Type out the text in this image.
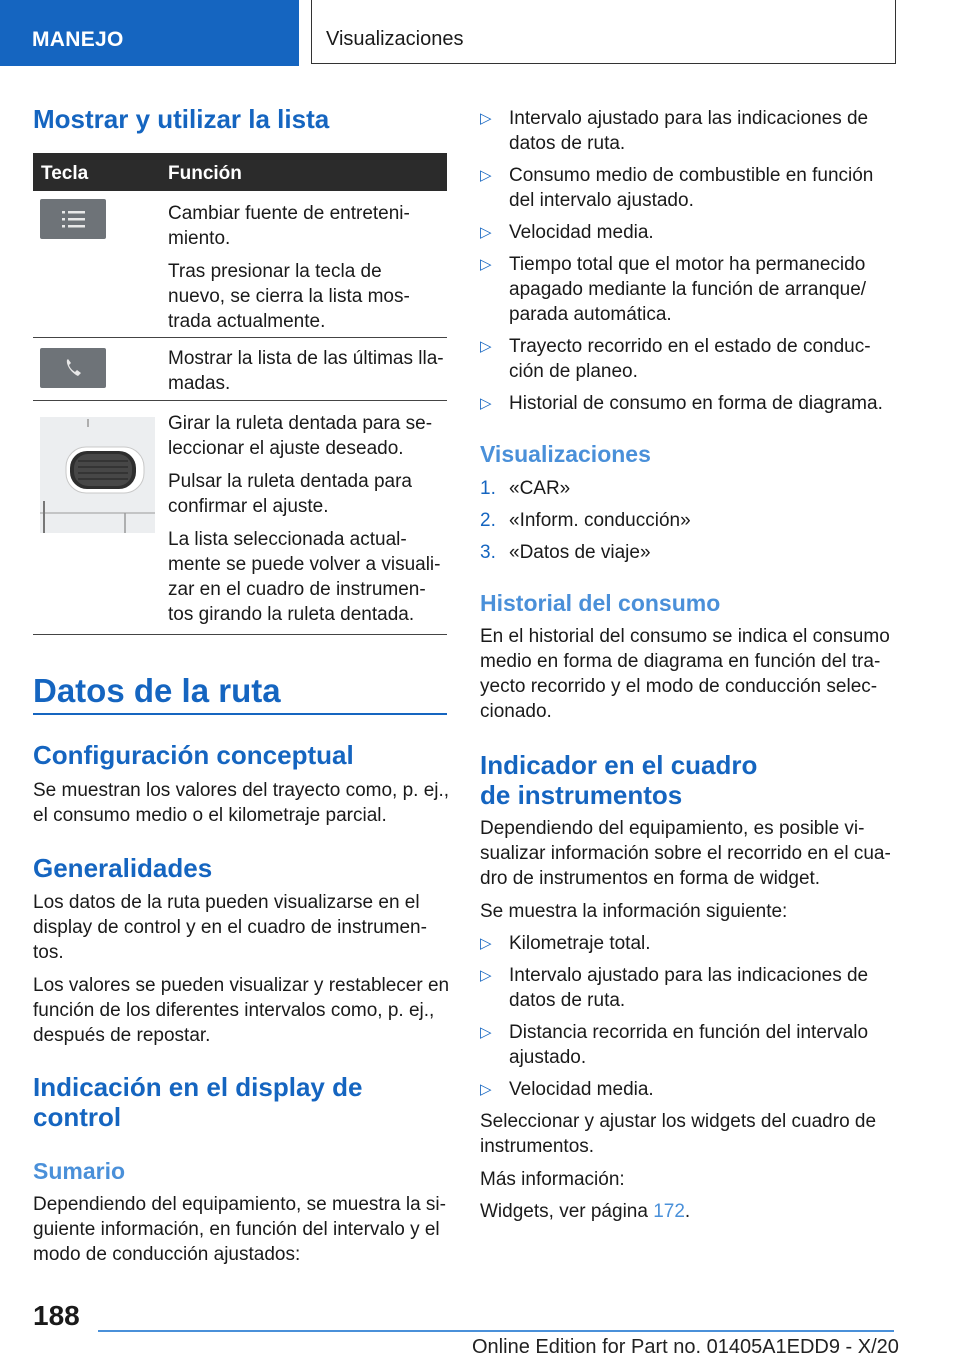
MANEJO	Visualizaciones
Mostrar y utilizar la lista
Tecla	Función
Cambiar fuente de entreteni-
miento.
Tras presionar la tecla de
nuevo, se cierra la lista mos-
trada actualmente.
Mostrar la lista de las últimas lla-
madas.
Girar la ruleta dentada para se-
leccionar el ajuste deseado.
Pulsar la ruleta dentada para
confirmar el ajuste.
La lista seleccionada actual-
mente se puede volver a visuali-
zar en el cuadro de instrumen-
tos girando la ruleta dentada.
Datos de la ruta
Configuración conceptual
Se muestran los valores del trayecto como, p. ej.,
el consumo medio o el kilometraje parcial.
Generalidades
Los datos de la ruta pueden visualizarse en el
display de control y en el cuadro de instrumen-
tos.
Los valores se pueden visualizar y restablecer en
función de los diferentes intervalos como, p. ej.,
después de repostar.
Indicación en el display de
control
Sumario
Dependiendo del equipamiento, se muestra la si-
guiente información, en función del intervalo y el
modo de conducción ajustados:
▷ Intervalo ajustado para las indicaciones de
datos de ruta.
▷ Consumo medio de combustible en función
del intervalo ajustado.
▷ Velocidad media.
▷ Tiempo total que el motor ha permanecido
apagado mediante la función de arranque/
parada automática.
▷ Trayecto recorrido en el estado de conduc-
ción de planeo.
▷ Historial de consumo en forma de diagrama.
Visualizaciones
1. «CAR»
2. «Inform. conducción»
3. «Datos de viaje»
Historial del consumo
En el historial del consumo se indica el consumo
medio en forma de diagrama en función del tra-
yecto recorrido y el modo de conducción selec-
cionado.
Indicador en el cuadro
de instrumentos
Dependiendo del equipamiento, es posible vi-
sualizar información sobre el recorrido en el cua-
dro de instrumentos en forma de widget.
Se muestra la información siguiente:
▷ Kilometraje total.
▷ Intervalo ajustado para las indicaciones de
datos de ruta.
▷ Distancia recorrida en función del intervalo
ajustado.
▷ Velocidad media.
Seleccionar y ajustar los widgets del cuadro de
instrumentos.
Más información:
Widgets, ver página 172.
188
Online Edition for Part no. 01405A1EDD9 - X/20
